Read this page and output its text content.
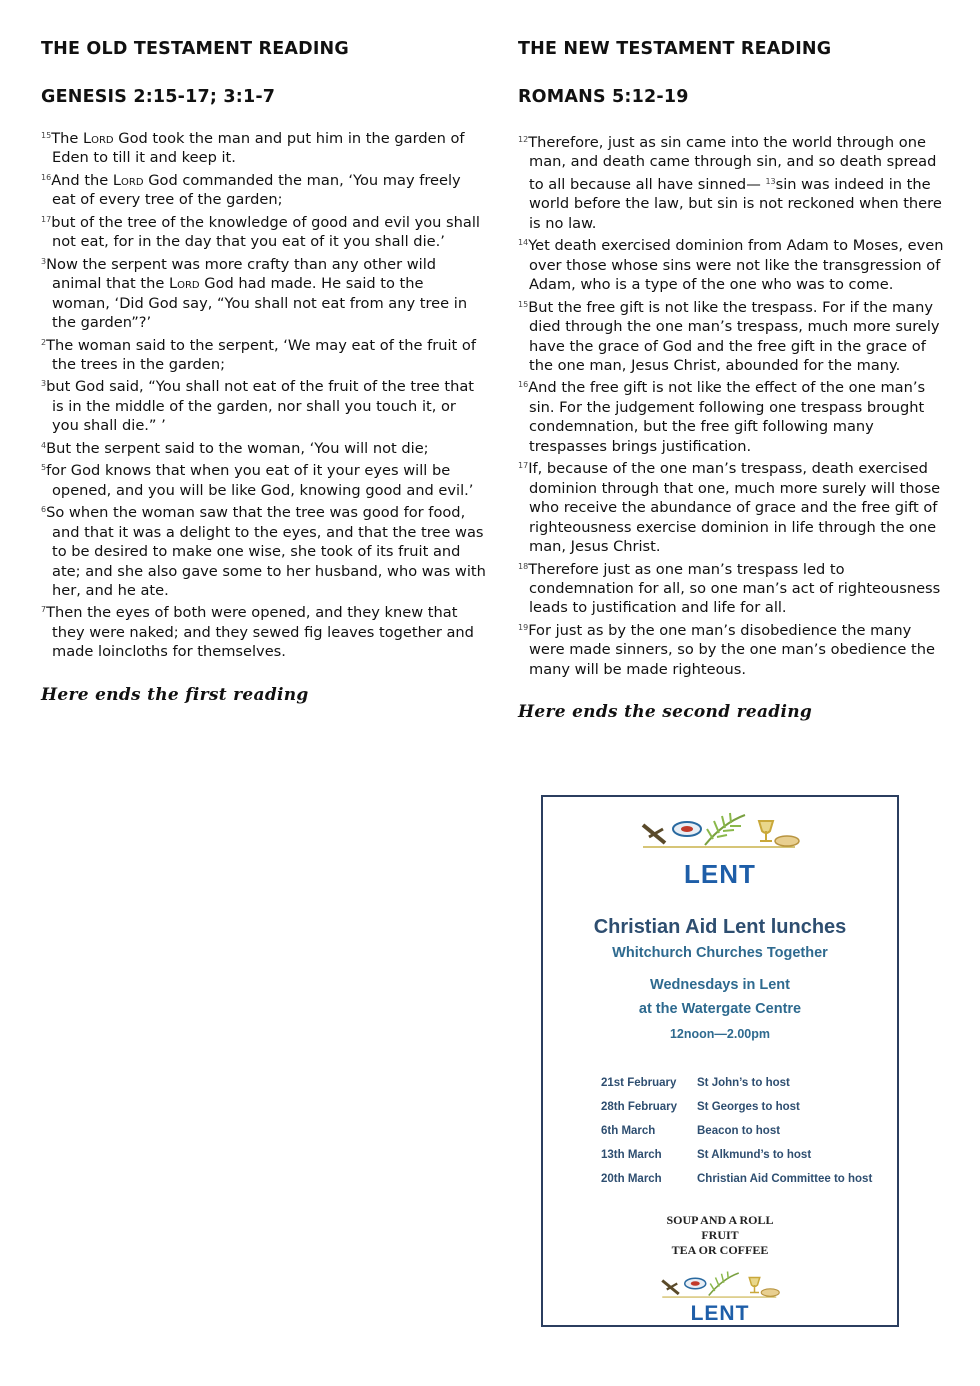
THE OLD TESTAMENT READING
GENESIS 2:15-17; 3:1-7

$^{15}$The Lord God took the man and put him in the garden of Eden to till it and keep it.

$^{16}$And the Lord God commanded the man, ‘You may freely eat of every tree of the garden;

$^{17}$but of the tree of the knowledge of good and evil you shall not eat, for in the day that you eat of it you shall die.’

$^3$Now the serpent was more crafty than any other wild animal that the Lord God had made. He said to the woman, ‘Did God say, “You shall not eat from any tree in the garden”?’

$^2$The woman said to the serpent, ‘We may eat of the fruit of the trees in the garden;

$^3$but God said, “You shall not eat of the fruit of the tree that is in the middle of the garden, nor shall you touch it, or you shall die.” ’

$^4$But the serpent said to the woman, ‘You will not die;

$^5$for God knows that when you eat of it your eyes will be opened, and you will be like God, knowing good and evil.’

$^6$So when the woman saw that the tree was good for food, and that it was a delight to the eyes, and that the tree was to be desired to make one wise, she took of its fruit and ate; and she also gave some to her husband, who was with her, and he ate.

$^7$Then the eyes of both were opened, and they knew that they were naked; and they sewed fig leaves together and made loincloths for themselves.

Here ends the first reading
THE NEW TESTAMENT READING
ROMANS 5:12-19

$^{12}$Therefore, just as sin came into the world through one man, and death came through sin, and so death spread to all because all have sinned— $^{13}$sin was indeed in the world before the law, but sin is not reckoned when there is no law.

$^{14}$Yet death exercised dominion from Adam to Moses, even over those whose sins were not like the transgression of Adam, who is a type of the one who was to come.

$^{15}$But the free gift is not like the trespass. For if the many died through the one man’s trespass, much more surely have the grace of God and the free gift in the grace of the one man, Jesus Christ, abounded for the many.

$^{16}$And the free gift is not like the effect of the one man’s sin. For the judgement following one trespass brought condemnation, but the free gift following many trespasses brings justification.

$^{17}$If, because of the one man’s trespass, death exercised dominion through that one, much more surely will those who receive the abundance of grace and the free gift of righteousness exercise dominion in life through the one man, Jesus Christ.

$^{18}$Therefore just as one man’s trespass led to condemnation for all, so one man’s act of righteousness leads to justification and life for all.

$^{19}$For just as by the one man’s disobedience the many were made sinners, so by the one man’s obedience the many will be made righteous.

Here ends the second reading
LENT
Christian Aid Lent lunches
Whitchurch Churches Together
Wednesdays in Lent
at the Watergate Centre
12noon—2.00pm
21st February	St John’s to host
28th February	St Georges to host
6th March	Beacon to host
13th March	St Alkmund’s to host
20th March	Christian Aid Committee to host
SOUP AND A ROLL
FRUIT
TEA OR COFFEE
LENT
